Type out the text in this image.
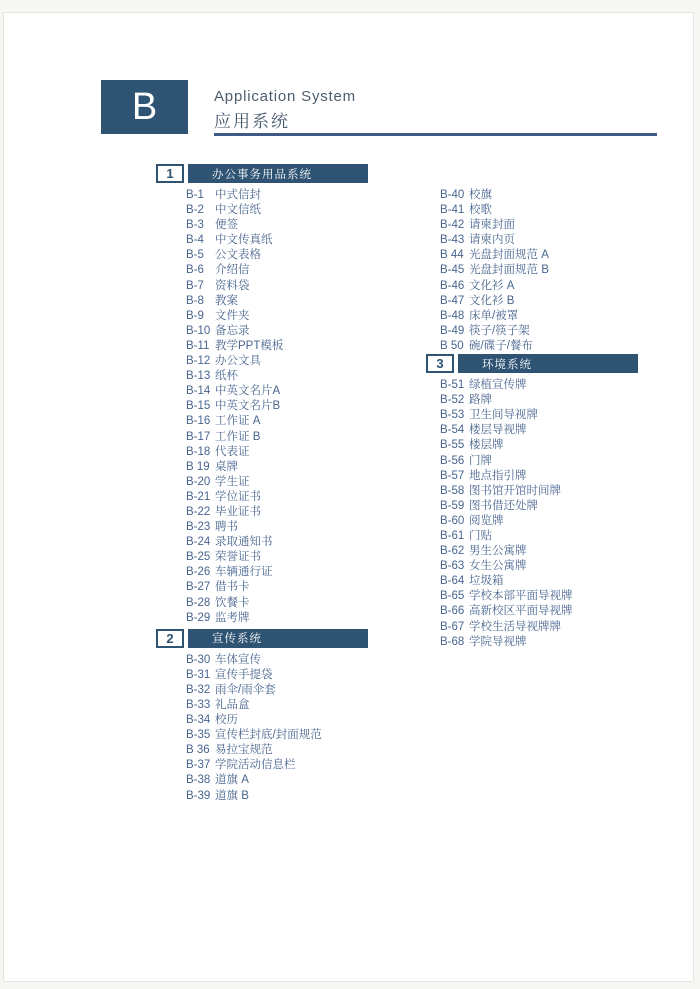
B	Application System
应用系统
1	办公事务用品系统
B-1 中式信封
B-2 中文信纸
B-3 便签
B-4 中文传真纸
B-5 公文表格
B-6 介绍信
B-7 资料袋
B-8 教案
B-9 文件夹
B-10 备忘录
B-11 教学PPT模板
B-12 办公文具
B-13 纸杯
B-14 中英文名片A
B-15 中英文名片B
B-16 工作证 A
B-17 工作证 B
B-18 代表证
B 19 桌牌
B-20 学生证
B-21 学位证书
B-22 毕业证书
B-23 聘书
B-24 录取通知书
B-25 荣誉证书
B-26 车辆通行证
B-27 借书卡
B-28 饮餐卡
B-29 监考牌
2	宣传系统
B-30 车体宣传
B-31 宣传手提袋
B-32 雨伞/雨伞套
B-33 礼品盒
B-34 校历
B-35 宣传栏封底/封面规范
B 36 易拉宝规范
B-37 学院活动信息栏
B-38 道旗 A
B-39 道旗 B
B-40 校旗
B-41 校歌
B-42 请柬封面
B-43 请柬内页
B 44 光盘封面规范 A
B-45 光盘封面规范 B
B-46 文化衫 A
B-47 文化衫 B
B-48 床单/被罩
B-49 筷子/筷子架
B 50 碗/碟子/餐布
3	环境系统
B-51 绿植宣传牌
B-52 路牌
B-53 卫生间导视牌
B-54 楼层导视牌
B-55 楼层牌
B-56 门牌
B-57 地点指引牌
B-58 图书馆开馆时间牌
B-59 图书借还处牌
B-60 阅览牌
B-61 门贴
B-62 男生公寓牌
B-63 女生公寓牌
B-64 垃圾箱
B-65 学校本部平面导视牌
B-66 高新校区平面导视牌
B-67 学校生活导视牌牌
B-68 学院导视牌
